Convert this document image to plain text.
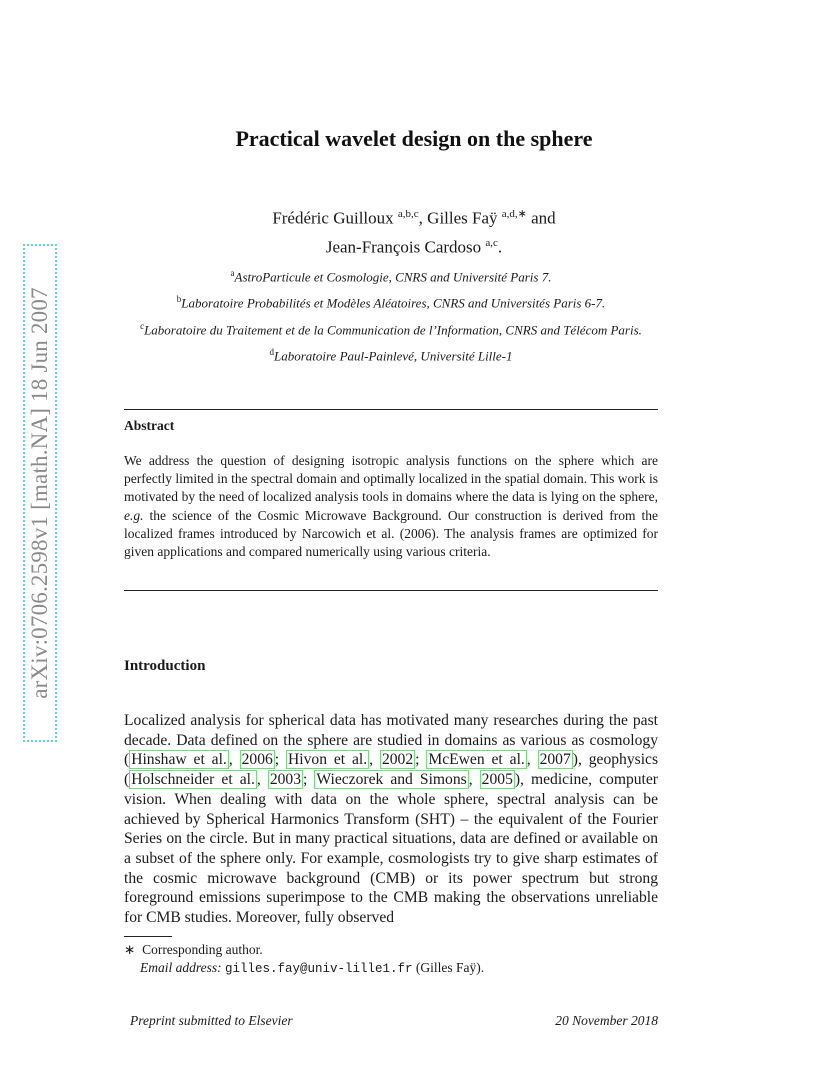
arXiv:0706.2598v1 [math.NA] 18 Jun 2007
Practical wavelet design on the sphere
Frédéric Guilloux $^{a,b,c}$, Gilles Faÿ $^{a,d,∗}$ and
Jean-François Cardoso $^{a,c}$.
$^a$AstroParticule et Cosmologie, CNRS and Université Paris 7.
$^b$Laboratoire Probabilités et Modèles Aléatoires, CNRS and Universités Paris 6-7.
$^c$Laboratoire du Traitement et de la Communication de l’Information, CNRS and Télécom Paris.
$^d$Laboratoire Paul-Painlevé, Université Lille-1
Abstract
We address the question of designing isotropic analysis functions on the sphere which are perfectly limited in the spectral domain and optimally localized in the spatial domain. This work is motivated by the need of localized analysis tools in domains where the data is lying on the sphere, e.g. the science of the Cosmic Microwave Background. Our construction is derived from the localized frames introduced by Narcowich et al. (2006). The analysis frames are optimized for given applications and compared numerically using various criteria.
Introduction
Localized analysis for spherical data has motivated many researches during the past decade. Data defined on the sphere are studied in domains as various as cosmology ( Hinshaw et al. , 2006 ; Hivon et al. , 2002 ; McEwen et al. , 2007 ), geophysics ( Holschneider et al. , 2003 ; Wieczorek and Simons , 2005 ), medicine, computer vision. When dealing with data on the whole sphere, spectral analysis can be achieved by Spherical Harmonics Transform (SHT) – the equivalent of the Fourier Series on the circle. But in many practical situations, data are defined or available on a subset of the sphere only. For example, cosmologists try to give sharp estimates of the cosmic microwave background (CMB) or its power spectrum but strong foreground emissions superimpose to the CMB making the observations unreliable for CMB studies. Moreover, fully observed
∗ Corresponding author.
Email address: gilles.fay@univ-lille1.fr (Gilles Faÿ).
Preprint submitted to Elsevier	20 November 2018
